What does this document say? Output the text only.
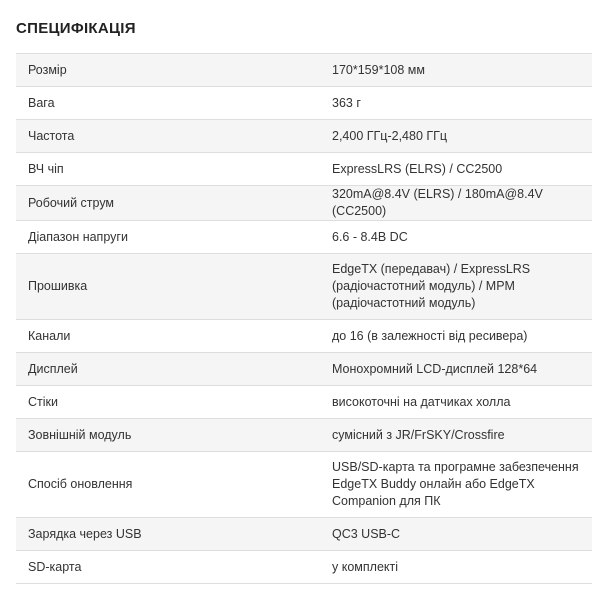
СПЕЦИФІКАЦІЯ
Розмір	170*159*108 мм
Вага	363 г
Частота	2,400 ГГц-2,480 ГГц
ВЧ чіп	ExpressLRS (ELRS) / CC2500
Робочий струм	320mA@8.4V (ELRS) / 180mA@8.4V (CC2500)
Діапазон напруги	6.6 - 8.4В DC
Прошивка	EdgeTX (передавач) / ExpressLRS (радіочастотний модуль) / MPM (радіочастотний модуль)
Канали	до 16 (в залежності від ресивера)
Дисплей	Монохромний LCD-дисплей 128*64
Стіки	високоточні на датчиках холла
Зовнішній модуль	сумісний з JR/FrSKY/Crossfire
Спосіб оновлення	USB/SD-карта та програмне забезпечення EdgeTX Buddy онлайн або EdgeTX Companion для ПК
Зарядка через USB	QC3 USB-C
SD-карта	у комплекті
